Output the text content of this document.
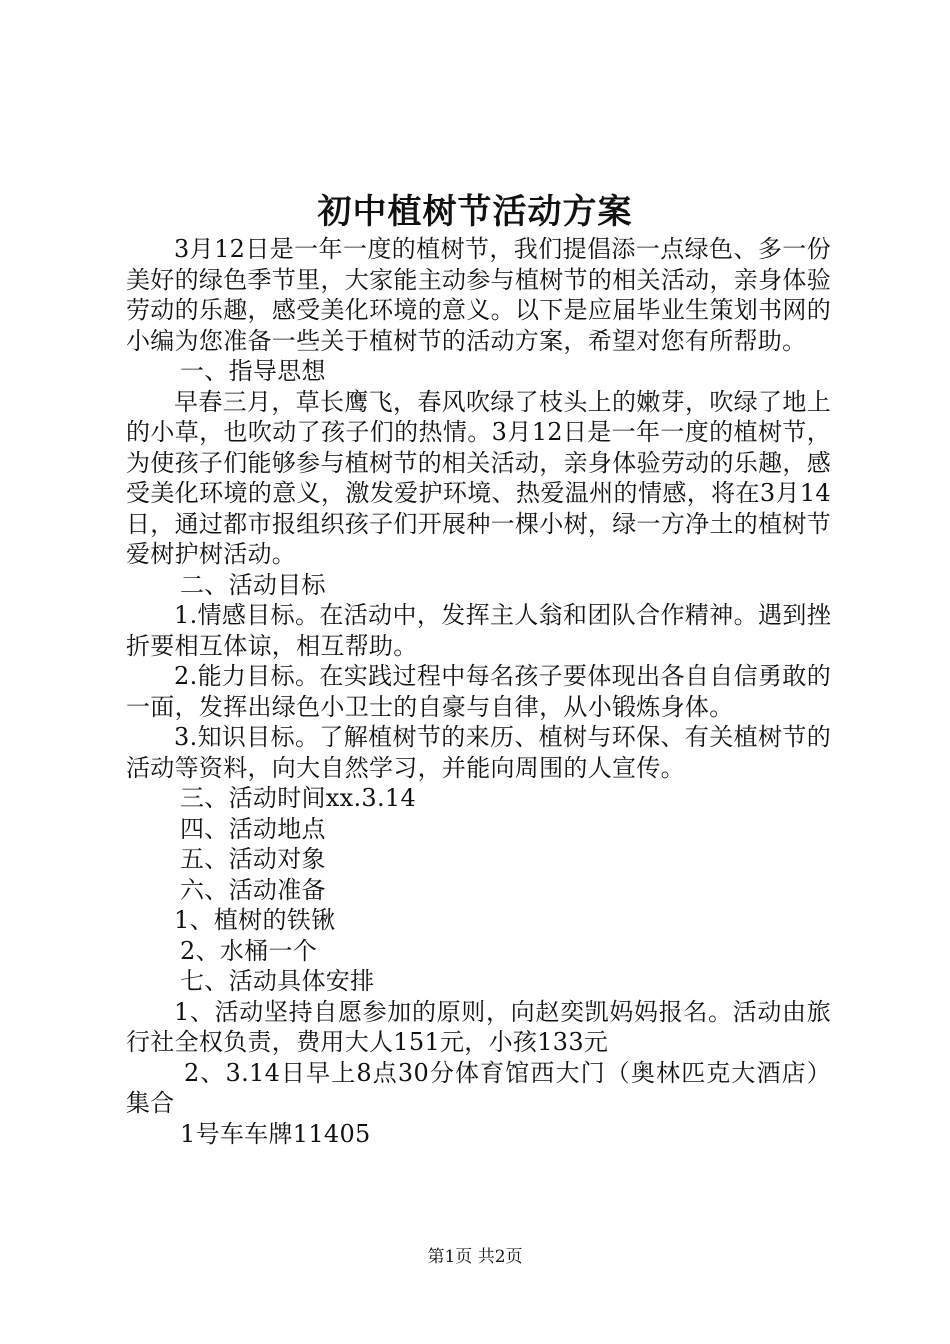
初中植树节活动方案

3月12日是一年一度的植树节，我们提倡添一点绿色、多一份美好的绿色季节里，大家能主动参与植树节的相关活动，亲身体验劳动的乐趣，感受美化环境的意义。以下是应届毕业生策划书网的小编为您准备一些关于植树节的活动方案，希望对您有所帮助。

一、指导思想

早春三月，草长鹰飞，春风吹绿了枝头上的嫩芽，吹绿了地上的小草，也吹动了孩子们的热情。3月12日是一年一度的植树节，为使孩子们能够参与植树节的相关活动，亲身体验劳动的乐趣，感受美化环境的意义，激发爱护环境、热爱温州的情感，将在3月14日，通过都市报组织孩子们开展种一棵小树，绿一方净土的植树节爱树护树活动。

二、活动目标

1.情感目标。在活动中，发挥主人翁和团队合作精神。遇到挫折要相互体谅，相互帮助。

2.能力目标。在实践过程中每名孩子要体现出各自自信勇敢的一面，发挥出绿色小卫士的自豪与自律，从小锻炼身体。

3.知识目标。了解植树节的来历、植树与环保、有关植树节的活动等资料，向大自然学习，并能向周围的人宣传。

三、活动时间xx.3.14

四、活动地点

五、活动对象

六、活动准备

1、植树的铁锹

2、水桶一个

七、活动具体安排

1、活动坚持自愿参加的原则，向赵奕凯妈妈报名。活动由旅行社全权负责，费用大人151元，小孩133元

2、3.14日早上8点30分体育馆西大门（奥林匹克大酒店）集合

1号车车牌11405

第1页 共2页
